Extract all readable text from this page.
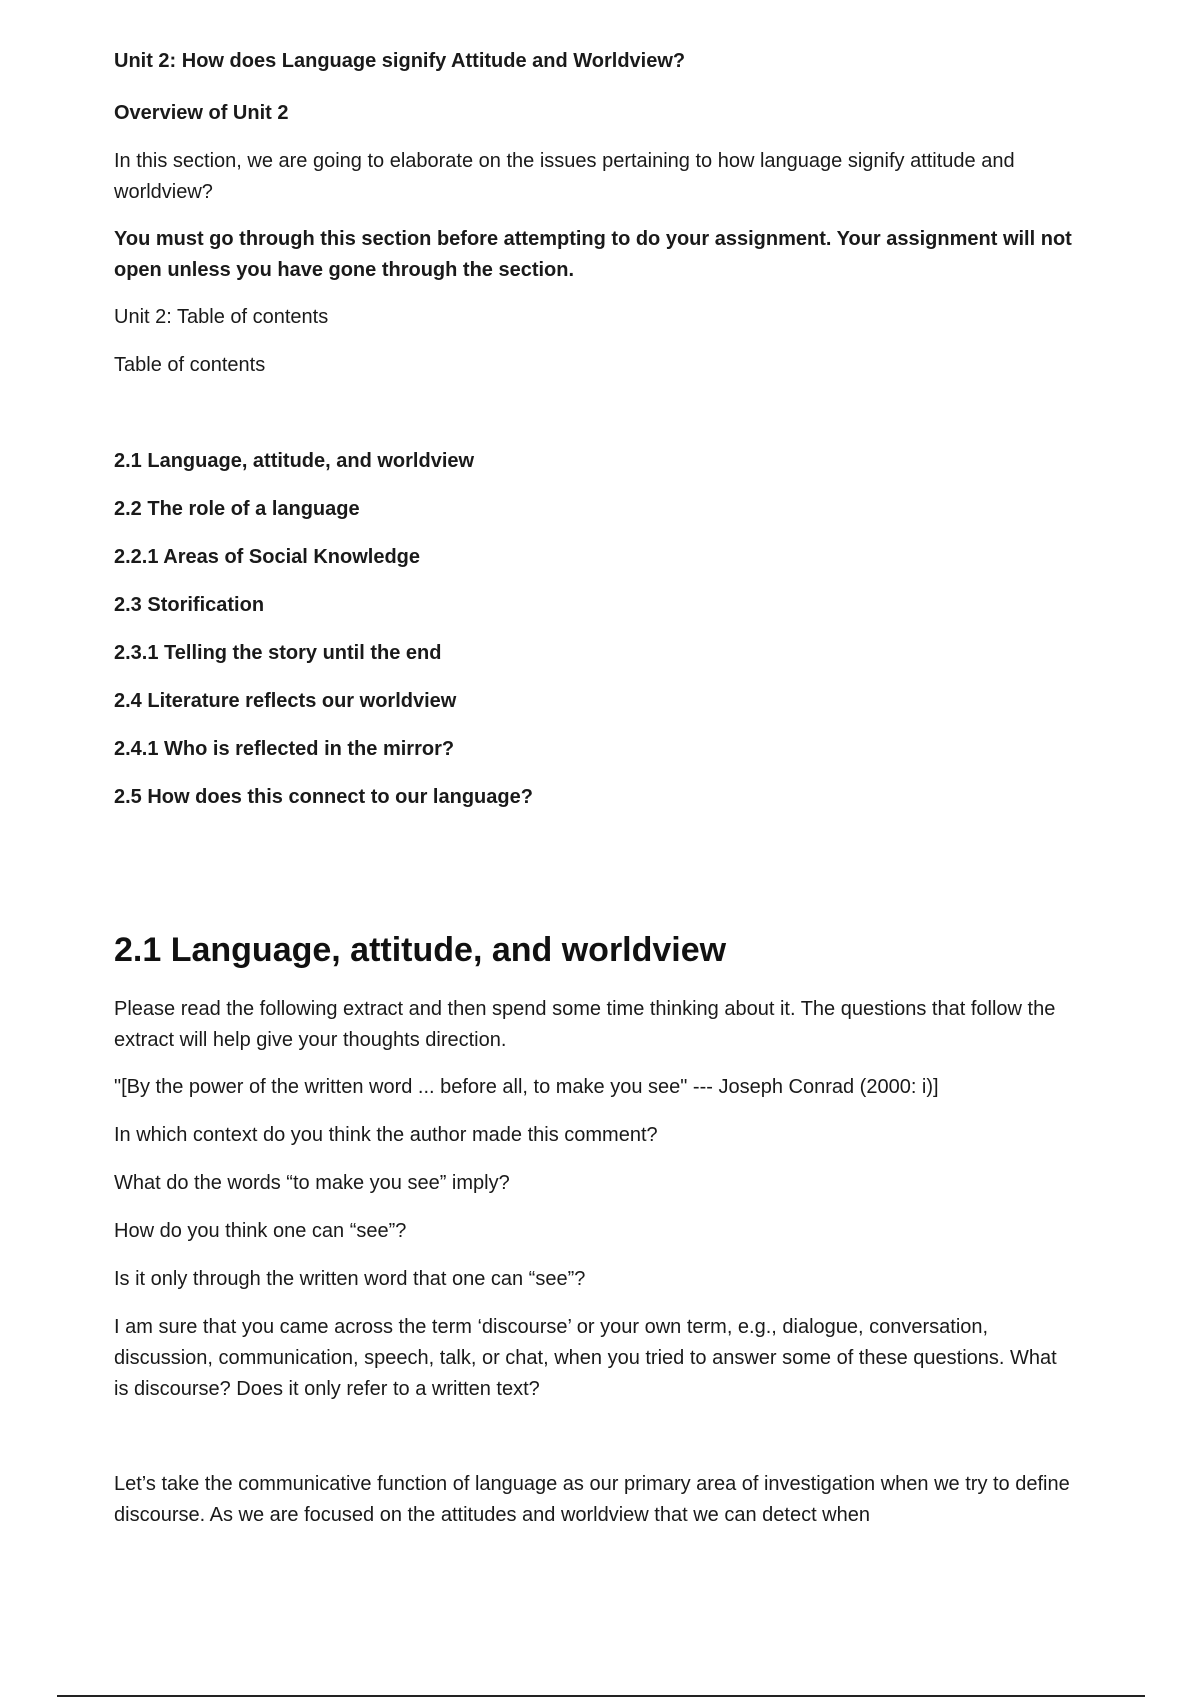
Unit 2: How does Language signify Attitude and Worldview?

Overview of Unit 2

In this section, we are going to elaborate on the issues pertaining to how language signify attitude and worldview?

You must go through this section before attempting to do your assignment. Your assignment will not open unless you have gone through the section.

Unit 2: Table of contents

Table of contents

2.1 Language, attitude, and worldview

2.2 The role of a language

2.2.1 Areas of Social Knowledge

2.3 Storification

2.3.1 Telling the story until the end

2.4 Literature reflects our worldview

2.4.1 Who is reflected in the mirror?

2.5 How does this connect to our language?

2.1 Language, attitude, and worldview

Please read the following extract and then spend some time thinking about it. The questions that follow the extract will help give your thoughts direction.

"[By the power of the written word ... before all, to make you see" --- Joseph Conrad (2000: i)]

In which context do you think the author made this comment?

What do the words “to make you see” imply?

How do you think one can “see”?

Is it only through the written word that one can “see”?

I am sure that you came across the term ‘discourse’ or your own term, e.g., dialogue, conversation, discussion, communication, speech, talk, or chat, when you tried to answer some of these questions. What is discourse? Does it only refer to a written text?

Let’s take the communicative function of language as our primary area of investigation when we try to define discourse. As we are focused on the attitudes and worldview that we can detect when
